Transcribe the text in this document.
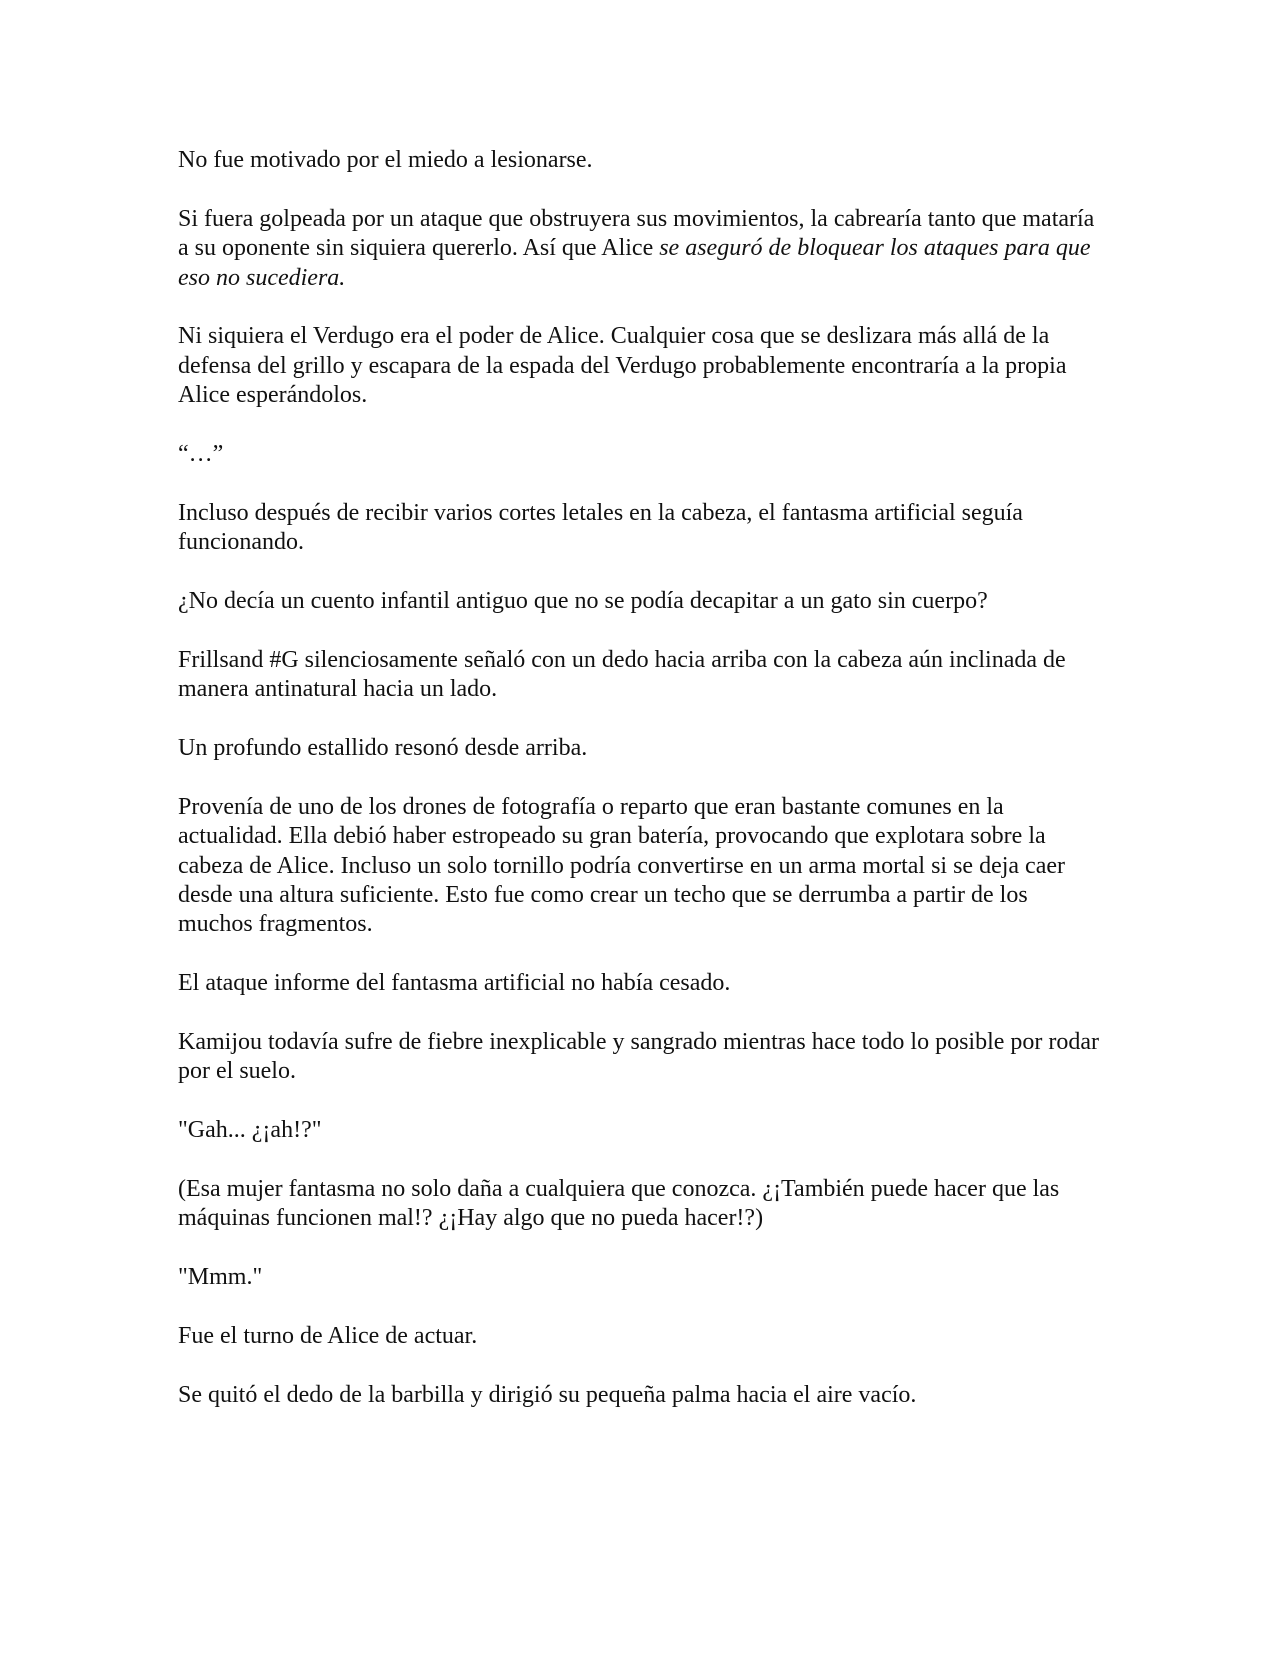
No fue motivado por el miedo a lesionarse.

Si fuera golpeada por un ataque que obstruyera sus movimientos, la cabrearía tanto que mataría a su oponente sin siquiera quererlo. Así que Alice se aseguró de bloquear los ataques para que eso no sucediera.

Ni siquiera el Verdugo era el poder de Alice. Cualquier cosa que se deslizara más allá de la defensa del grillo y escapara de la espada del Verdugo probablemente encontraría a la propia Alice esperándolos.

“…”

Incluso después de recibir varios cortes letales en la cabeza, el fantasma artificial seguía funcionando.

¿No decía un cuento infantil antiguo que no se podía decapitar a un gato sin cuerpo?

Frillsand #G silenciosamente señaló con un dedo hacia arriba con la cabeza aún inclinada de manera antinatural hacia un lado.

Un profundo estallido resonó desde arriba.

Provenía de uno de los drones de fotografía o reparto que eran bastante comunes en la actualidad. Ella debió haber estropeado su gran batería, provocando que explotara sobre la cabeza de Alice. Incluso un solo tornillo podría convertirse en un arma mortal si se deja caer desde una altura suficiente. Esto fue como crear un techo que se derrumba a partir de los muchos fragmentos.

El ataque informe del fantasma artificial no había cesado.

Kamijou todavía sufre de fiebre inexplicable y sangrado mientras hace todo lo posible por rodar por el suelo.

"Gah... ¿¡ah!?"

(Esa mujer fantasma no solo daña a cualquiera que conozca. ¿¡También puede hacer que las máquinas funcionen mal!? ¿¡Hay algo que no pueda hacer!?)

"Mmm."

Fue el turno de Alice de actuar.

Se quitó el dedo de la barbilla y dirigió su pequeña palma hacia el aire vacío.
